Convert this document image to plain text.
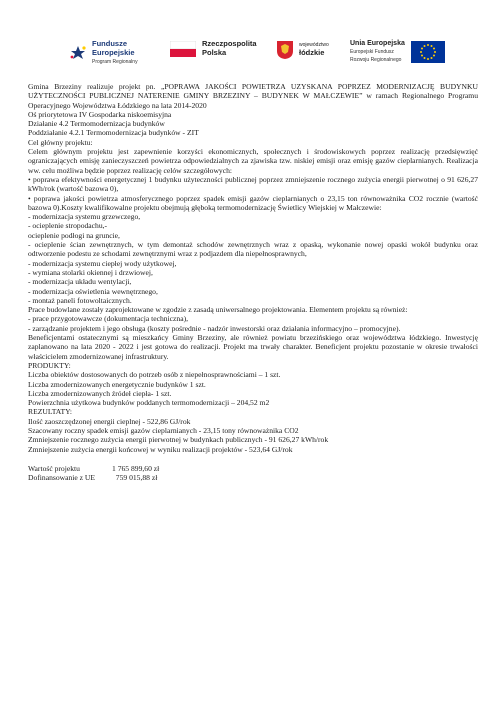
Fundusze
Europejskie
Program Regionalny
Rzeczpospolita
Polska
województwo
łódzkie
Unia Europejska
Europejski Fundusz
Rozwoju Regionalnego

Gmina Brzeziny realizuje projekt pn. „POPRAWA JAKOŚCI POWIETRZA UZYSKANA POPRZEZ MODERNIZACJĘ BUDYNKU UŻYTECZNOŚCI PUBLICZNEJ NATERENIE GMINY BRZEZINY – BUDYNEK W MAŁCZEWIE” w ramach Regionalnego Programu Operacyjnego Województwa Łódzkiego na lata 2014-2020

Oś priorytetowa IV Gospodarka niskoemisyjna

Działanie 4.2 Termomodernizacja budynków

Poddziałanie 4.2.1 Termomodernizacja budynków - ZIT

Cel główny projektu:

Celem głównym projektu jest zapewnienie korzyści ekonomicznych, społecznych i środowiskowych poprzez realizację przedsięwzięć ograniczających emisję zanieczyszczeń powietrza odpowiedzialnych za zjawiska tzw. niskiej emisji oraz emisję gazów cieplarnianych. Realizacja ww. celu możliwa będzie poprzez realizację celów szczegółowych:

• poprawa efektywności energetycznej 1 budynku użyteczności publicznej poprzez zmniejszenie rocznego zużycia energii pierwotnej o 91 626,27 kWh/rok (wartość bazowa 0),

• poprawa jakości powietrza atmosferycznego poprzez spadek emisji gazów cieplarnianych o 23,15 ton równoważnika CO2 rocznie (wartość bazowa 0).Koszty kwalifikowalne projektu obejmują głęboką termomodernizację Świetlicy Wiejskiej w Małczewie:

- modernizacja systemu grzewczego,

- ocieplenie stropodachu,-

ocieplenie podłogi na gruncie,

- ocieplenie ścian zewnętrznych, w tym demontaż schodów zewnętrznych wraz z opaską, wykonanie nowej opaski wokół budynku oraz odtworzenie podestu ze schodami zewnętrznymi wraz z podjazdem dla niepełnosprawnych,

- modernizacja systemu ciepłej wody użytkowej,

- wymiana stolarki okiennej i drzwiowej,

- modernizacja układu wentylacji,

- modernizacja oświetlenia wewnętrznego,

- montaż paneli fotowoltaicznych.

Prace budowlane zostały zaprojektowane w zgodzie z zasadą uniwersalnego projektowania. Elementem projektu są również:

- prace przygotowawcze (dokumentacja techniczna),

- zarządzanie projektem i jego obsługa (koszty pośrednie - nadzór inwestorski oraz działania informacyjno – promocyjne).

Beneficjentami ostatecznymi są mieszkańcy Gminy Brzeziny, ale również powiatu brzezińskiego oraz województwa łódzkiego. Inwestycję zaplanowano na lata 2020 - 2022 i jest gotowa do realizacji. Projekt ma trwały charakter. Beneficjent projektu pozostanie w okresie trwałości właścicielem zmodernizowanej infrastruktury.

PRODUKTY:

Liczba obiektów dostosowanych do potrzeb osób z niepełnosprawnościami – 1 szt.

Liczba zmodernizowanych energetycznie budynków 1 szt.

Liczba zmodernizowanych źródeł ciepła- 1 szt.

Powierzchnia użytkowa budynków poddanych termomodernizacji – 204,52 m2

REZULTATY:

Ilość zaoszczędzonej energii cieplnej - 522,86 GJ/rok

Szacowany roczny spadek emisji gazów cieplarnianych - 23,15 tony równoważnika CO2

Zmniejszenie rocznego zużycia energii pierwotnej w budynkach publicznych - 91 626,27 kWh/rok

Zmniejszenie zużycia energii końcowej w wyniku realizacji projektów - 523,64 GJ/rok

Wartość projektu	1 765 899,60 zł
Dofinansowanie z UE	759 015,88 zł
